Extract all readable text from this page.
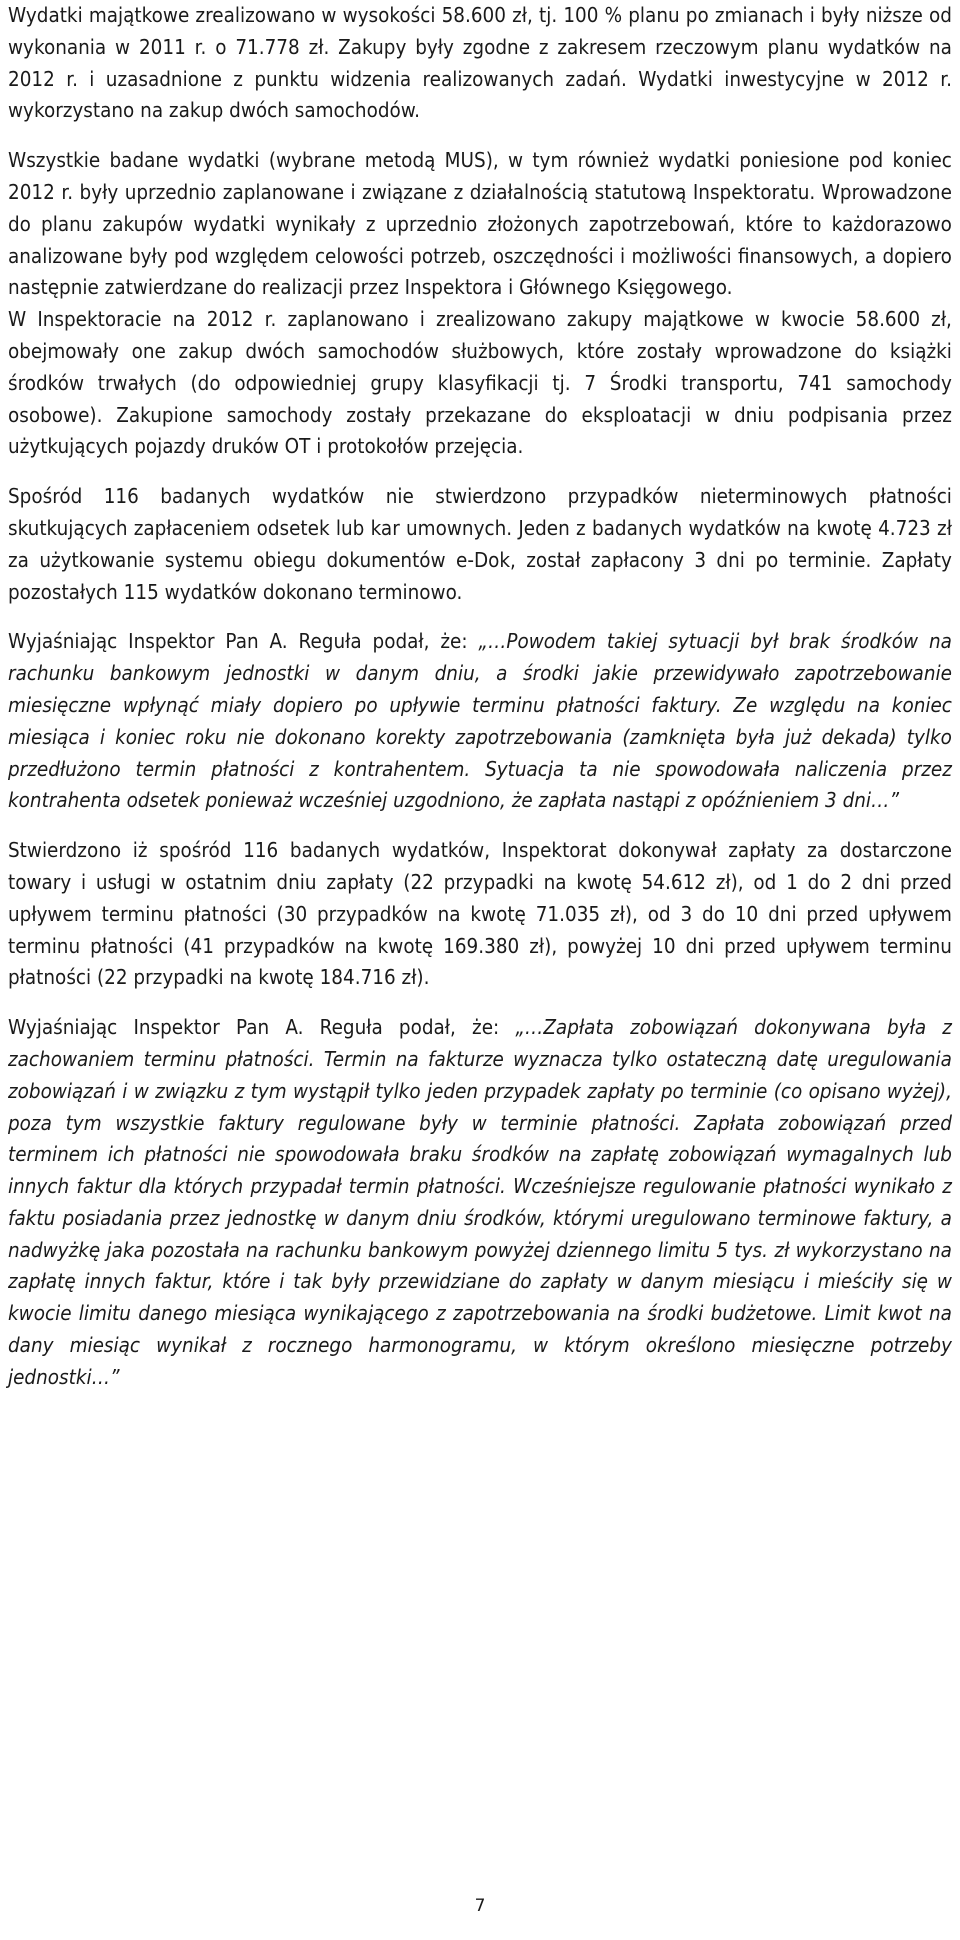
Wydatki majątkowe zrealizowano w wysokości 58.600 zł, tj. 100 % planu po zmianach i były niższe od wykonania w 2011 r. o 71.778 zł. Zakupy były zgodne z zakresem rzeczowym planu wydatków na 2012 r. i uzasadnione z punktu widzenia realizowanych zadań. Wydatki inwestycyjne w 2012 r. wykorzystano na zakup dwóch samochodów.

Wszystkie badane wydatki (wybrane metodą MUS), w tym również wydatki poniesione pod koniec 2012 r. były uprzednio zaplanowane i związane z działalnością statutową Inspektoratu. Wprowadzone do planu zakupów wydatki wynikały z uprzednio złożonych zapotrzebowań, które to każdorazowo analizowane były pod względem celowości potrzeb, oszczędności i możliwości finansowych, a dopiero następnie zatwierdzane do realizacji przez Inspektora i Głównego Księgowego.

W Inspektoracie na 2012 r. zaplanowano i zrealizowano zakupy majątkowe w kwocie 58.600 zł, obejmowały one zakup dwóch samochodów służbowych, które zostały wprowadzone do książki środków trwałych (do odpowiedniej grupy klasyfikacji tj. 7 Środki transportu, 741 samochody osobowe). Zakupione samochody zostały przekazane do eksploatacji w dniu podpisania przez użytkujących pojazdy druków OT i protokołów przejęcia.

Spośród 116 badanych wydatków nie stwierdzono przypadków nieterminowych płatności skutkujących zapłaceniem odsetek lub kar umownych. Jeden z badanych wydatków na kwotę 4.723 zł za użytkowanie systemu obiegu dokumentów e-Dok, został zapłacony 3 dni po terminie. Zapłaty pozostałych 115 wydatków dokonano terminowo.

Wyjaśniając Inspektor Pan A. Reguła podał, że: „…Powodem takiej sytuacji był brak środków na rachunku bankowym jednostki w danym dniu, a środki jakie przewidywało zapotrzebowanie miesięczne wpłynąć miały dopiero po upływie terminu płatności faktury. Ze względu na koniec miesiąca i koniec roku nie dokonano korekty zapotrzebowania (zamknięta była już dekada) tylko przedłużono termin płatności z kontrahentem. Sytuacja ta nie spowodowała naliczenia przez kontrahenta odsetek ponieważ wcześniej uzgodniono, że zapłata nastąpi z opóźnieniem 3 dni…”

Stwierdzono iż spośród 116 badanych wydatków, Inspektorat dokonywał zapłaty za dostarczone towary i usługi w ostatnim dniu zapłaty (22 przypadki na kwotę 54.612 zł), od 1 do 2 dni przed upływem terminu płatności (30 przypadków na kwotę 71.035 zł), od 3 do 10 dni przed upływem terminu płatności (41 przypadków na kwotę 169.380 zł), powyżej 10 dni przed upływem terminu płatności (22 przypadki na kwotę 184.716 zł).

Wyjaśniając Inspektor Pan A. Reguła podał, że: „…Zapłata zobowiązań dokonywana była z zachowaniem terminu płatności. Termin na fakturze wyznacza tylko ostateczną datę uregulowania zobowiązań i w związku z tym wystąpił tylko jeden przypadek zapłaty po terminie (co opisano wyżej), poza tym wszystkie faktury regulowane były w terminie płatności. Zapłata zobowiązań przed terminem ich płatności nie spowodowała braku środków na zapłatę zobowiązań wymagalnych lub innych faktur dla których przypadał termin płatności. Wcześniejsze regulowanie płatności wynikało z faktu posiadania przez jednostkę w danym dniu środków, którymi uregulowano terminowe faktury, a nadwyżkę jaka pozostała na rachunku bankowym powyżej dziennego limitu 5 tys. zł wykorzystano na zapłatę innych faktur, które i tak były przewidziane do zapłaty w danym miesiącu i mieściły się w kwocie limitu danego miesiąca wynikającego z zapotrzebowania na środki budżetowe. Limit kwot na dany miesiąc wynikał z rocznego harmonogramu, w którym określono miesięczne potrzeby jednostki…”

7
